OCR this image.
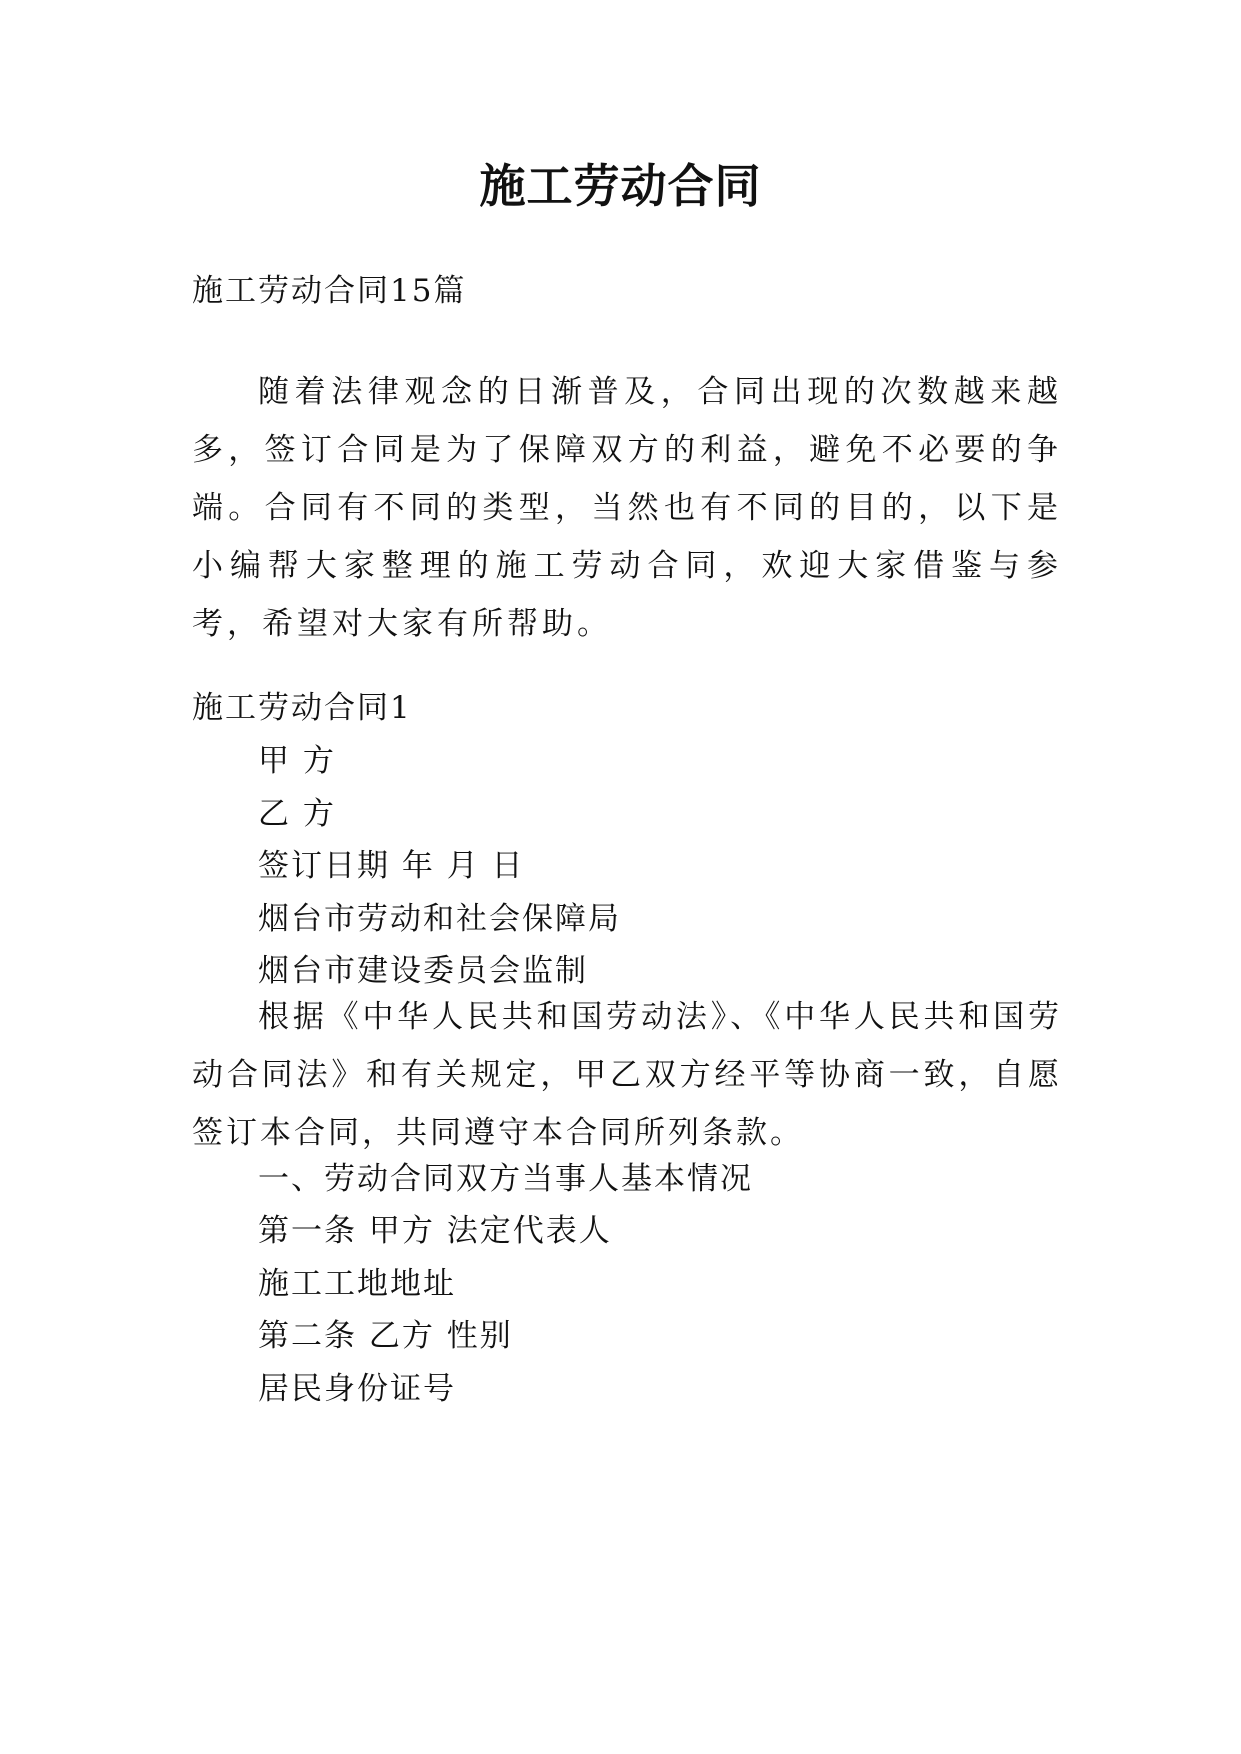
施工劳动合同
施工劳动合同15篇
随着法律观念的日渐普及，合同出现的次数越来越多，签订合同是为了保障双方的利益，避免不必要的争端。合同有不同的类型，当然也有不同的目的，以下是小编帮大家整理的施工劳动合同，欢迎大家借鉴与参考，希望对大家有所帮助。
施工劳动合同1
甲 方
乙 方
签订日期 年 月 日
烟台市劳动和社会保障局
烟台市建设委员会监制
根据《中华人民共和国劳动法》、《中华人民共和国劳动合同法》和有关规定，甲乙双方经平等协商一致，自愿签订本合同，共同遵守本合同所列条款。
一、劳动合同双方当事人基本情况
第一条 甲方 法定代表人
施工工地地址
第二条 乙方 性别
居民身份证号
